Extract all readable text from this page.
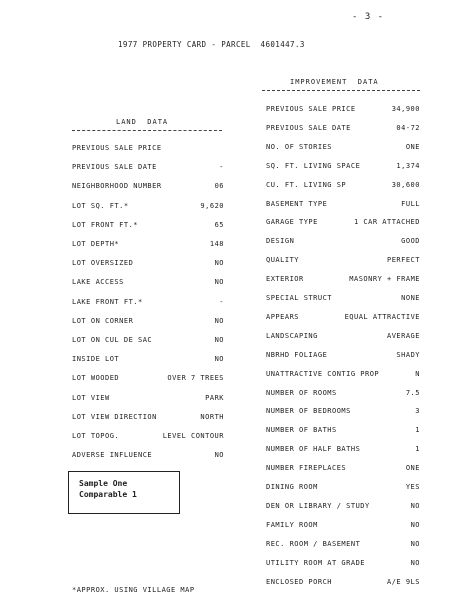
- 3 -
1977 PROPERTY CARD - PARCEL  4601447.3
IMPROVEMENT  DATA
LAND  DATA
PREVIOUS SALE PRICE
PREVIOUS SALE DATE	-
NEIGHBORHOOD NUMBER	06
LOT SQ. FT.*	9,620
LOT FRONT FT.*	65
LOT DEPTH*	148
LOT OVERSIZED	NO
LAKE ACCESS	NO
LAKE FRONT FT.*	-
LOT ON CORNER	NO
LOT ON CUL DE SAC	NO
INSIDE LOT	NO
LOT WOODED	OVER 7 TREES
LOT VIEW	PARK
LOT VIEW DIRECTION	NORTH
LOT TOPOG.	LEVEL CONTOUR
ADVERSE INFLUENCE	NO
PREVIOUS SALE PRICE	34,900
PREVIOUS SALE DATE	04-72
NO. OF STORIES	ONE
SQ. FT. LIVING SPACE	1,374
CU. FT. LIVING SP	30,600
BASEMENT TYPE	FULL
GARAGE TYPE	1 CAR ATTACHED
DESIGN	GOOD
QUALITY	PERFECT
EXTERIOR	MASONRY + FRAME
SPECIAL STRUCT	NONE
APPEARS	EQUAL ATTRACTIVE
LANDSCAPING	AVERAGE
NBRHD FOLIAGE	SHADY
UNATTRACTIVE CONTIG PROP	N
NUMBER OF ROOMS	7.5
NUMBER OF BEDROOMS	3
NUMBER OF BATHS	1
NUMBER OF HALF BATHS	1
NUMBER FIREPLACES	ONE
DINING ROOM	YES
DEN OR LIBRARY / STUDY	NO
FAMILY ROOM	NO
REC. ROOM / BASEMENT	NO
UTILITY ROOM AT GRADE	NO
ENCLOSED PORCH	A/E 9LS
Sample One
Comparable 1
*APPROX. USING VILLAGE MAP
